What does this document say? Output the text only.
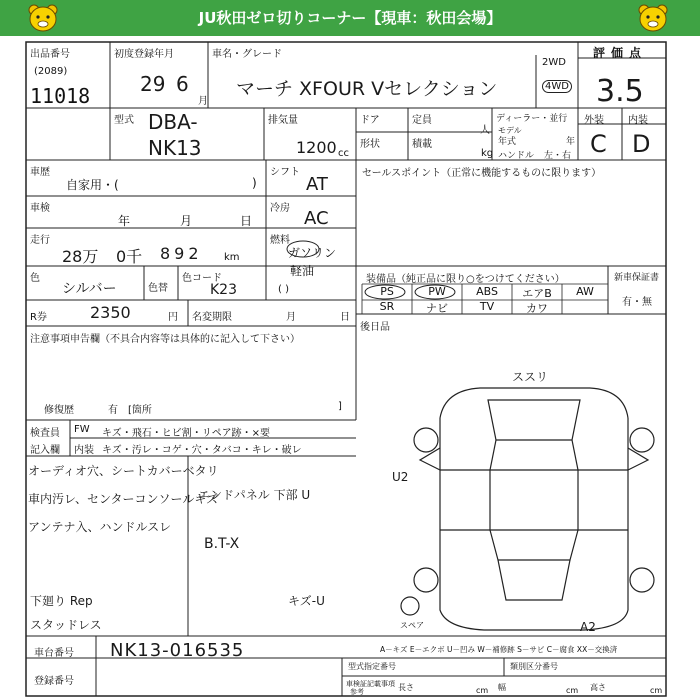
JU秋田ゼロ切りコーナー【現車：秋田会場】
出品番号
(2089)
11018
初度登録年月
29 6
月
車名・グレード
マーチ XFOUR Vセレクション
2WD
4WD
評価点
3.5
型式 DBA-
NK13
排気量
1200 cc
ドア	定員
人
形状	積載
kg
ディーラー・並行
モデル
年式	年
ハンドル 左・右
外装 内装
C D
車歴
自家用・(	)
シフト
AT
車検
年	月	日
冷房 AC
走行
28万 0千 892 km
燃料
ガソリン
軽油
( )
色
シルバー	色替
色コード
K23
R券	2350	円 名変期限	月	日
セールスポイント（正常に機能するものに限ります）
装備品（純正品に限り○をつけてください）	新車保証書
有・無
PS	PW	ABS	エアB	AW
SR	ナビ	TV	カワ
後日品
注意事項申告欄（不具合内容等は具体的に記入して下さい）
修復歴	有 [箇所	]
検査員
記入欄
FW キズ・飛石・ヒビ割・リペア跡・×要
内装 キズ・汚レ・コゲ・穴・タバコ・キレ・破レ
オーディオ穴、シートカバーベタリ
車内汚レ、センターコンソールキズ
アンテナ入、ハンドルスレ
エンドパネル 下部 U
B.T-X
下廻り Rep	キズ-U
スタッドレス
ススリ
U2
スペア	A2
A－キズ E－エクボ U－凹み W－補修跡 S－サビ C－腐食 XX－交換済
車台番号 NK13-016535
登録番号
型式指定番号	類別区分番号
車検証記載事項
参考	長さ	cm 幅	cm 高さ	cm
